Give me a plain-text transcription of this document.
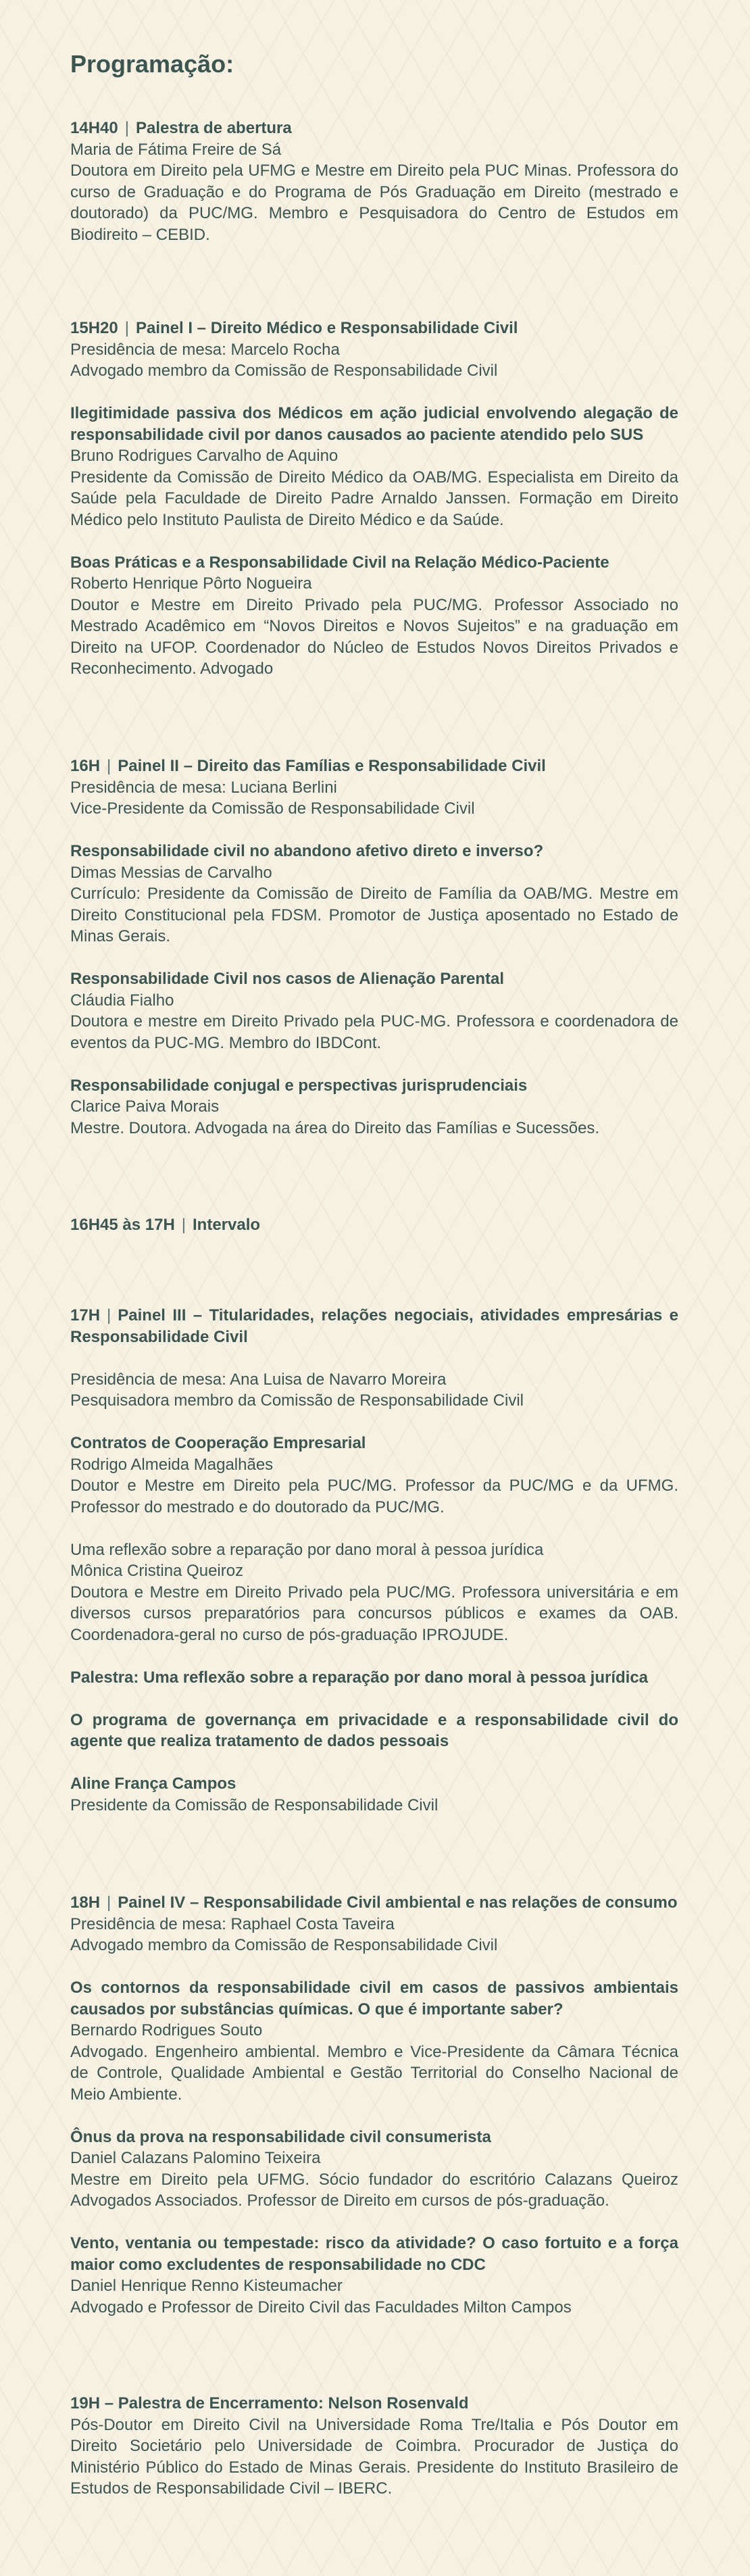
Programação:

14H40 | Palestra de abertura

Maria de Fátima Freire de Sá

Doutora em Direito pela UFMG e Mestre em Direito pela PUC Minas. Professora do curso de Graduação e do Programa de Pós Graduação em Direito (mestrado e doutorado) da PUC/MG. Membro e Pesquisadora do Centro de Estudos em Biodireito – CEBID.

15H20 | Painel I – Direito Médico e Responsabilidade Civil

Presidência de mesa: Marcelo Rocha

Advogado membro da Comissão de Responsabilidade Civil

Ilegitimidade passiva dos Médicos em ação judicial envolvendo alegação de responsabilidade civil por danos causados ao paciente atendido pelo SUS

Bruno Rodrigues Carvalho de Aquino

Presidente da Comissão de Direito Médico da OAB/MG. Especialista em Direito da Saúde pela Faculdade de Direito Padre Arnaldo Janssen. Formação em Direito Médico pelo Instituto Paulista de Direito Médico e da Saúde.

Boas Práticas e a Responsabilidade Civil na Relação Médico-Paciente

Roberto Henrique Pôrto Nogueira

Doutor e Mestre em Direito Privado pela PUC/MG. Professor Associado no Mestrado Acadêmico em “Novos Direitos e Novos Sujeitos” e na graduação em Direito na UFOP. Coordenador do Núcleo de Estudos Novos Direitos Privados e Reconhecimento. Advogado

16H | Painel II – Direito das Famílias e Responsabilidade Civil

Presidência de mesa: Luciana Berlini

Vice-Presidente da Comissão de Responsabilidade Civil

Responsabilidade civil no abandono afetivo direto e inverso?

Dimas Messias de Carvalho

Currículo: Presidente da Comissão de Direito de Família da OAB/MG. Mestre em Direito Constitucional pela FDSM. Promotor de Justiça aposentado no Estado de Minas Gerais.

Responsabilidade Civil nos casos de Alienação Parental

Cláudia Fialho

Doutora e mestre em Direito Privado pela PUC-MG. Professora e coordenadora de eventos da PUC-MG. Membro do IBDCont.

Responsabilidade conjugal e perspectivas jurisprudenciais

Clarice Paiva Morais

Mestre. Doutora. Advogada na área do Direito das Famílias e Sucessões.

16H45 às 17H | Intervalo

17H | Painel III – Titularidades, relações negociais, atividades empresárias e Responsabilidade Civil

Presidência de mesa: Ana Luisa de Navarro Moreira

Pesquisadora membro da Comissão de Responsabilidade Civil

Contratos de Cooperação Empresarial

Rodrigo Almeida Magalhães

Doutor e Mestre em Direito pela PUC/MG. Professor da PUC/MG e da UFMG. Professor do mestrado e do doutorado da PUC/MG.

Uma reflexão sobre a reparação por dano moral à pessoa jurídica

Mônica Cristina Queiroz

Doutora e Mestre em Direito Privado pela PUC/MG. Professora universitária e em diversos cursos preparatórios para concursos públicos e exames da OAB. Coordenadora-geral no curso de pós-graduação IPROJUDE.

Palestra: Uma reflexão sobre a reparação por dano moral à pessoa jurídica

O programa de governança em privacidade e a responsabilidade civil do agente que realiza tratamento de dados pessoais

Aline França Campos

Presidente da Comissão de Responsabilidade Civil

18H | Painel IV – Responsabilidade Civil ambiental e nas relações de consumo

Presidência de mesa: Raphael Costa Taveira

Advogado membro da Comissão de Responsabilidade Civil

Os contornos da responsabilidade civil em casos de passivos ambientais causados por substâncias químicas. O que é importante saber?

Bernardo Rodrigues Souto

Advogado. Engenheiro ambiental. Membro e Vice-Presidente da Câmara Técnica de Controle, Qualidade Ambiental e Gestão Territorial do Conselho Nacional de Meio Ambiente.

Ônus da prova na responsabilidade civil consumerista

Daniel Calazans Palomino Teixeira

Mestre em Direito pela UFMG. Sócio fundador do escritório Calazans Queiroz Advogados Associados. Professor de Direito em cursos de pós-graduação.

Vento, ventania ou tempestade: risco da atividade? O caso fortuito e a força maior como excludentes de responsabilidade no CDC

Daniel Henrique Renno Kisteumacher

Advogado e Professor de Direito Civil das Faculdades Milton Campos

19H – Palestra de Encerramento: Nelson Rosenvald

Pós-Doutor em Direito Civil na Universidade Roma Tre/Italia e Pós Doutor em Direito Societário pelo Universidade de Coimbra. Procurador de Justiça do Ministério Público do Estado de Minas Gerais. Presidente do Instituto Brasileiro de Estudos de Responsabilidade Civil – IBERC.
